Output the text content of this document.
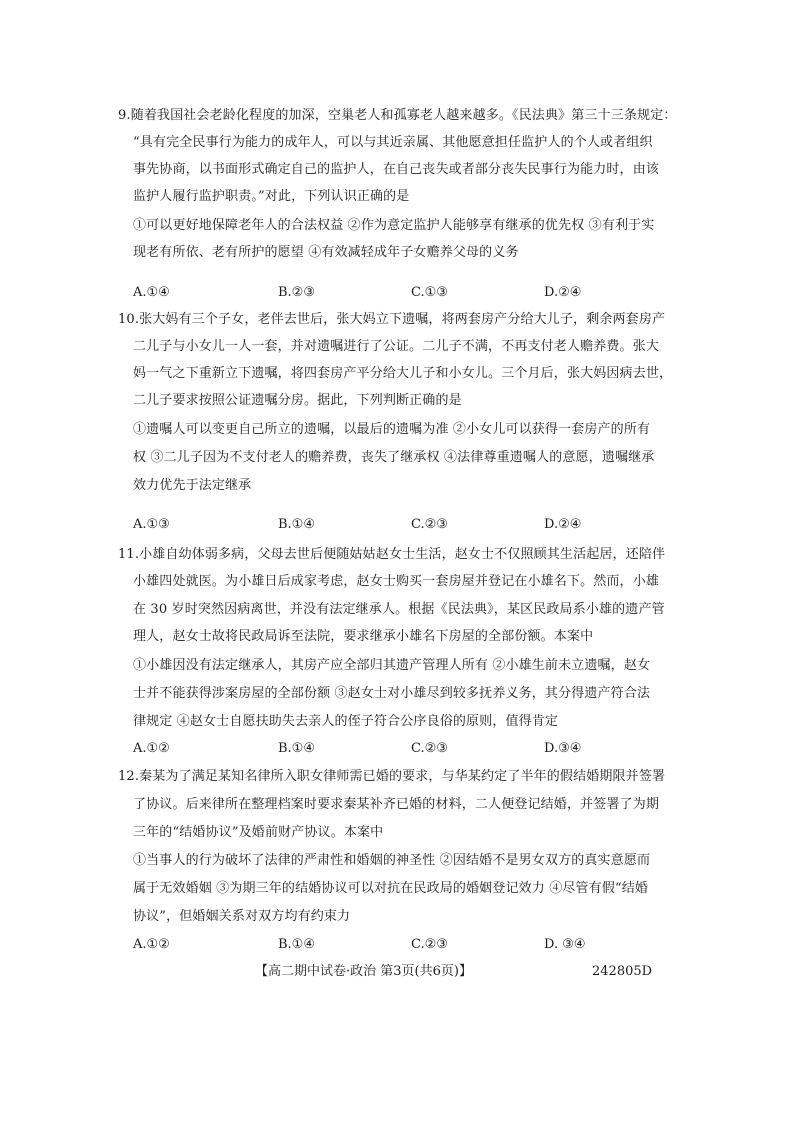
9.随着我国社会老龄化程度的加深，空巢老人和孤寡老人越来越多。《民法典》第三十三条规定：
“具有完全民事行为能力的成年人，可以与其近亲属、其他愿意担任监护人的个人或者组织
事先协商，以书面形式确定自己的监护人，在自己丧失或者部分丧失民事行为能力时，由该
监护人履行监护职责。”对此，下列认识正确的是
①可以更好地保障老年人的合法权益 ②作为意定监护人能够享有继承的优先权 ③有利于实
现老有所依、老有所护的愿望 ④有效减轻成年子女赡养父母的义务
A.①④	B.②③	C.①③	D.②④
10.张大妈有三个子女，老伴去世后，张大妈立下遗嘱，将两套房产分给大儿子，剩余两套房产
二儿子与小女儿一人一套，并对遗嘱进行了公证。二儿子不满，不再支付老人赡养费。张大
妈一气之下重新立下遗嘱，将四套房产平分给大儿子和小女儿。三个月后，张大妈因病去世，
二儿子要求按照公证遗嘱分房。据此，下列判断正确的是
①遗嘱人可以变更自己所立的遗嘱，以最后的遗嘱为准 ②小女儿可以获得一套房产的所有
权 ③二儿子因为不支付老人的赡养费，丧失了继承权 ④法律尊重遗嘱人的意愿，遗嘱继承
效力优先于法定继承
A.①③	B.①④	C.②③	D.②④
11.小雄自幼体弱多病，父母去世后便随姑姑赵女士生活，赵女士不仅照顾其生活起居，还陪伴
小雄四处就医。为小雄日后成家考虑，赵女士购买一套房屋并登记在小雄名下。然而，小雄
在 30 岁时突然因病离世，并没有法定继承人。根据《民法典》，某区民政局系小雄的遗产管
理人，赵女士故将民政局诉至法院，要求继承小雄名下房屋的全部份额。本案中
①小雄因没有法定继承人，其房产应全部归其遗产管理人所有 ②小雄生前未立遗嘱，赵女
士并不能获得涉案房屋的全部份额 ③赵女士对小雄尽到较多抚养义务，其分得遗产符合法
律规定 ④赵女士自愿扶助失去亲人的侄子符合公序良俗的原则，值得肯定
A.①②	B.①④	C.②③	D.③④
12.秦某为了满足某知名律所入职女律师需已婚的要求，与华某约定了半年的假结婚期限并签署
了协议。后来律所在整理档案时要求秦某补齐已婚的材料，二人便登记结婚，并签署了为期
三年的“结婚协议”及婚前财产协议。本案中
①当事人的行为破坏了法律的严肃性和婚姻的神圣性 ②因结婚不是男女双方的真实意愿而
属于无效婚姻 ③为期三年的结婚协议可以对抗在民政局的婚姻登记效力 ④尽管有假“结婚
协议”，但婚姻关系对双方均有约束力
A.①②	B.①④	C.②③	D. ③④
【高二期中试卷·政治 第3页(共6页)】	242805D
